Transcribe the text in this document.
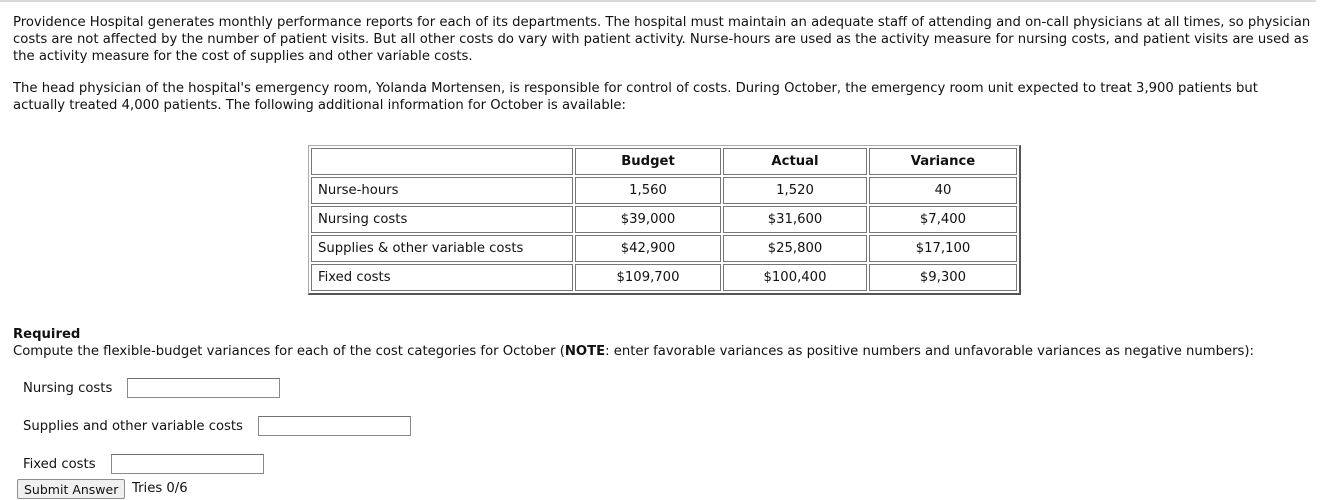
Providence Hospital generates monthly performance reports for each of its departments. The hospital must maintain an adequate staff of attending and on-call physicians at all times, so physician costs are not affected by the number of patient visits. But all other costs do vary with patient activity. Nurse-hours are used as the activity measure for nursing costs, and patient visits are used as the activity measure for the cost of supplies and other variable costs.

The head physician of the hospital's emergency room, Yolanda Mortensen, is responsible for control of costs. During October, the emergency room unit expected to treat 3,900 patients but actually treated 4,000 patients. The following additional information for October is available:

	Budget	Actual	Variance
Nurse-hours	1,560	1,520	40
Nursing costs	$39,000	$31,600	$7,400
Supplies & other variable costs	$42,900	$25,800	$17,100
Fixed costs	$109,700	$100,400	$9,300
Required
Compute the flexible-budget variances for each of the cost categories for October (NOTE: enter favorable variances as positive numbers and unfavorable variances as negative numbers):
Nursing costs
Supplies and other variable costs
Fixed costs
Submit Answer	Tries 0/6
